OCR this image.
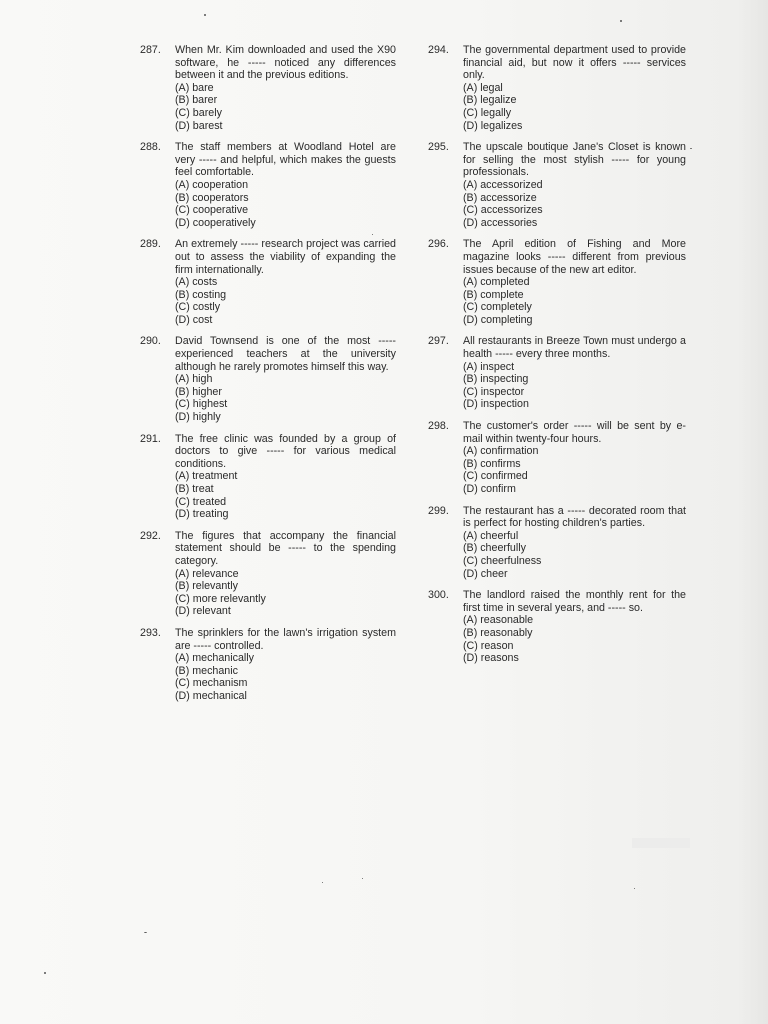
287.	When Mr. Kim downloaded and used the X90 software, he ----- noticed any differences between it and the previous editions.
(A) bare
(B) barer
(C) barely
(D) barest
288.	The staff members at Woodland Hotel are very ----- and helpful, which makes the guests feel comfortable.
(A) cooperation
(B) cooperators
(C) cooperative
(D) cooperatively
289.	An extremely ----- research project was carried out to assess the viability of expanding the firm internationally.
(A) costs
(B) costing
(C) costly
(D) cost
290.	David Townsend is one of the most ----- experienced teachers at the university although he rarely promotes himself this way.
(A) high
(B) higher
(C) highest
(D) highly
291.	The free clinic was founded by a group of doctors to give ----- for various medical conditions.
(A) treatment
(B) treat
(C) treated
(D) treating
292.	The figures that accompany the financial statement should be ----- to the spending category.
(A) relevance
(B) relevantly
(C) more relevantly
(D) relevant
293.	The sprinklers for the lawn's irrigation system are ----- controlled.
(A) mechanically
(B) mechanic
(C) mechanism
(D) mechanical
294.	The governmental department used to provide financial aid, but now it offers ----- services only.
(A) legal
(B) legalize
(C) legally
(D) legalizes
295.	The upscale boutique Jane's Closet is known for selling the most stylish ----- for young professionals.
(A) accessorized
(B) accessorize
(C) accessorizes
(D) accessories
296.	The April edition of Fishing and More magazine looks ----- different from previous issues because of the new art editor.
(A) completed
(B) complete
(C) completely
(D) completing
297.	All restaurants in Breeze Town must undergo a health ----- every three months.
(A) inspect
(B) inspecting
(C) inspector
(D) inspection
298.	The customer's order ----- will be sent by e-mail within twenty-four hours.
(A) confirmation
(B) confirms
(C) confirmed
(D) confirm
299.	The restaurant has a ----- decorated room that is perfect for hosting children's parties.
(A) cheerful
(B) cheerfully
(C) cheerfulness
(D) cheer
300.	The landlord raised the monthly rent for the first time in several years, and ----- so.
(A) reasonable
(B) reasonably
(C) reason
(D) reasons
